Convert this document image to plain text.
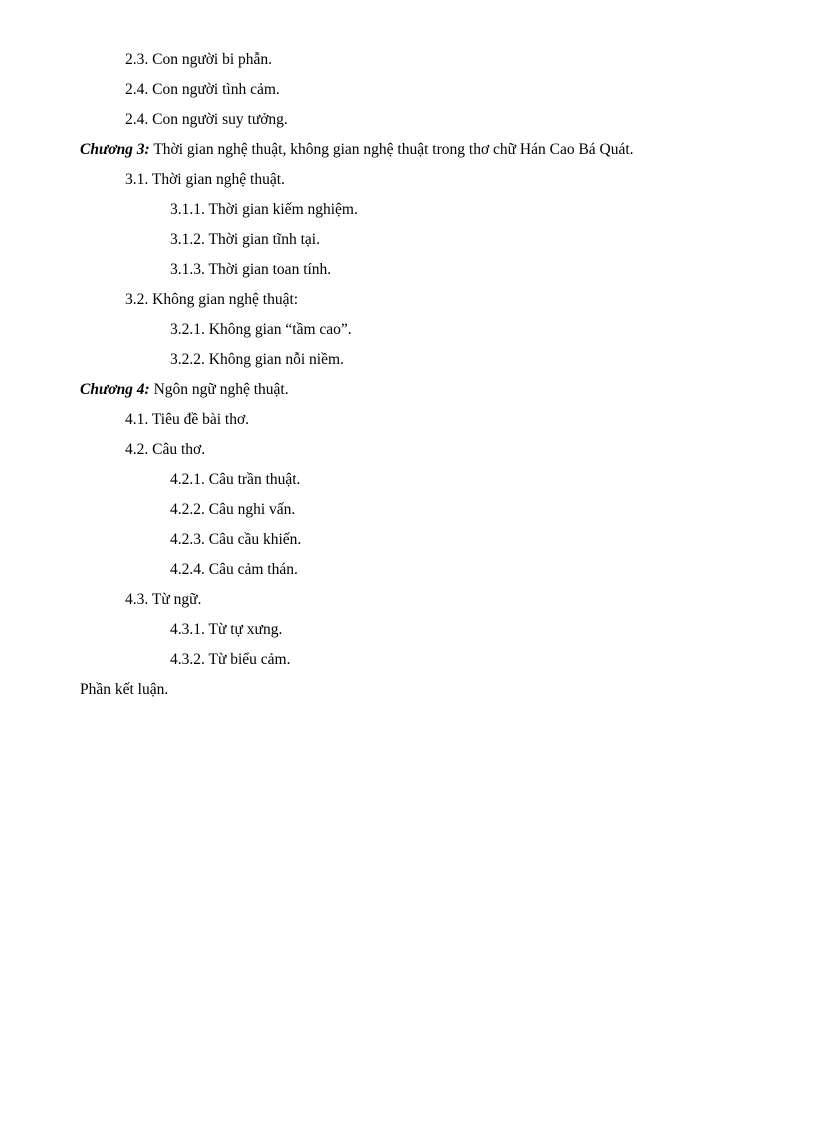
2.3. Con người bi phẫn.
2.4. Con người tình cảm.
2.4. Con người suy tưởng.
Chương 3: Thời gian nghệ thuật, không gian nghệ thuật trong thơ chữ Hán Cao Bá Quát.
3.1. Thời gian nghệ thuật.
3.1.1. Thời gian kiếm nghiệm.
3.1.2. Thời gian tĩnh tại.
3.1.3. Thời gian toan tính.
3.2. Không gian nghệ thuật:
3.2.1. Không gian “tầm cao”.
3.2.2. Không gian nỗi niềm.
Chương 4: Ngôn ngữ nghệ thuật.
4.1. Tiêu đề bài thơ.
4.2. Câu thơ.
4.2.1. Câu trần thuật.
4.2.2. Câu nghi vấn.
4.2.3. Câu cầu khiến.
4.2.4. Câu cảm thán.
4.3. Từ ngữ.
4.3.1. Từ tự xưng.
4.3.2. Từ biểu cảm.
Phần kết luận.
